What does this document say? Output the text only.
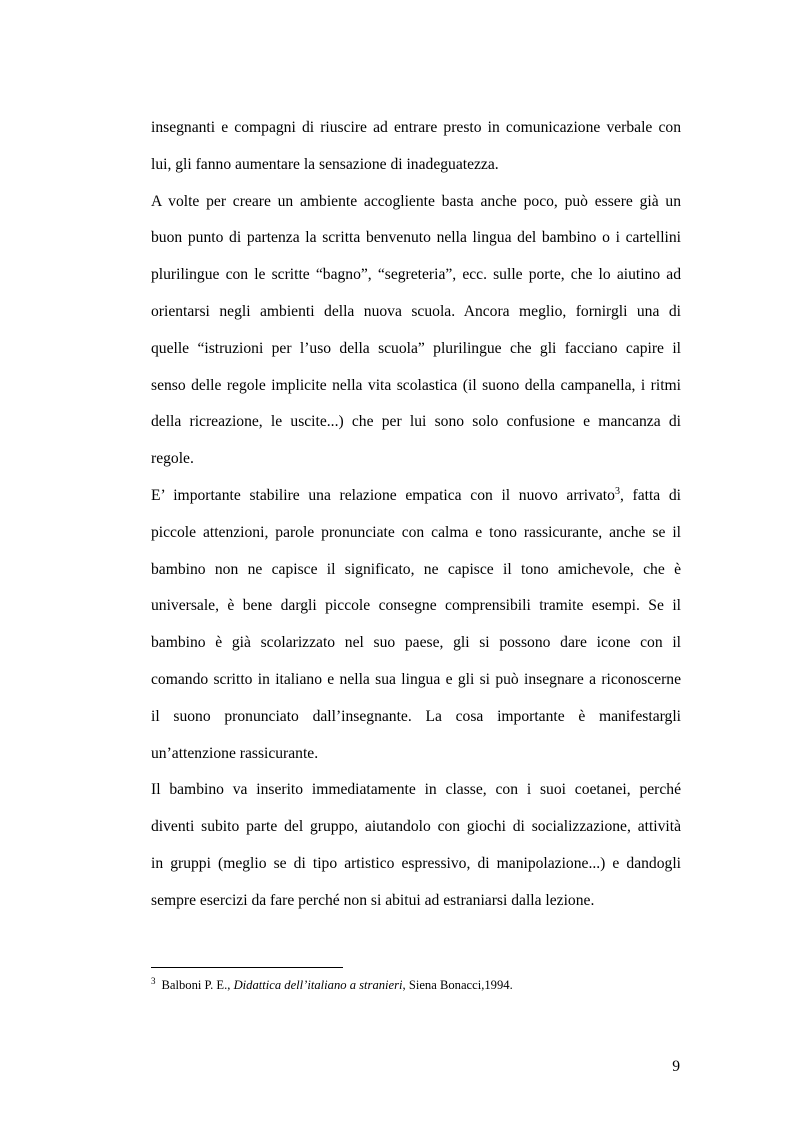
insegnanti e compagni di riuscire ad entrare presto in comunicazione verbale con
lui, gli fanno aumentare la sensazione di inadeguatezza.
A volte per creare un ambiente accogliente basta anche poco, può essere già un
buon punto di partenza la scritta benvenuto nella lingua del bambino o i cartellini
plurilingue con le scritte “bagno”, “segreteria”, ecc. sulle porte, che lo aiutino ad
orientarsi negli ambienti della nuova scuola. Ancora meglio, fornirgli una di
quelle “istruzioni per l’uso della scuola” plurilingue che gli facciano capire il
senso delle regole implicite nella vita scolastica (il suono della campanella, i ritmi
della ricreazione, le uscite...) che per lui sono solo confusione e mancanza di
regole.
E’ importante stabilire una relazione empatica con il nuovo arrivato$^3$, fatta di
piccole attenzioni, parole pronunciate con calma e tono rassicurante, anche se il
bambino non ne capisce il significato, ne capisce il tono amichevole, che è
universale, è bene dargli piccole consegne comprensibili tramite esempi. Se il
bambino è già scolarizzato nel suo paese, gli si possono dare icone con il
comando scritto in italiano e nella sua lingua e gli si può insegnare a riconoscerne
il suono pronunciato dall’insegnante. La cosa importante è manifestargli
un’attenzione rassicurante.
Il bambino va inserito immediatamente in classe, con i suoi coetanei, perché
diventi subito parte del gruppo, aiutandolo con giochi di socializzazione, attività
in gruppi (meglio se di tipo artistico espressivo, di manipolazione...) e dandogli
sempre esercizi da fare perché non si abitui ad estraniarsi dalla lezione.
$^3$ Balboni P. E., Didattica dell’italiano a stranieri, Siena Bonacci,1994.
9
